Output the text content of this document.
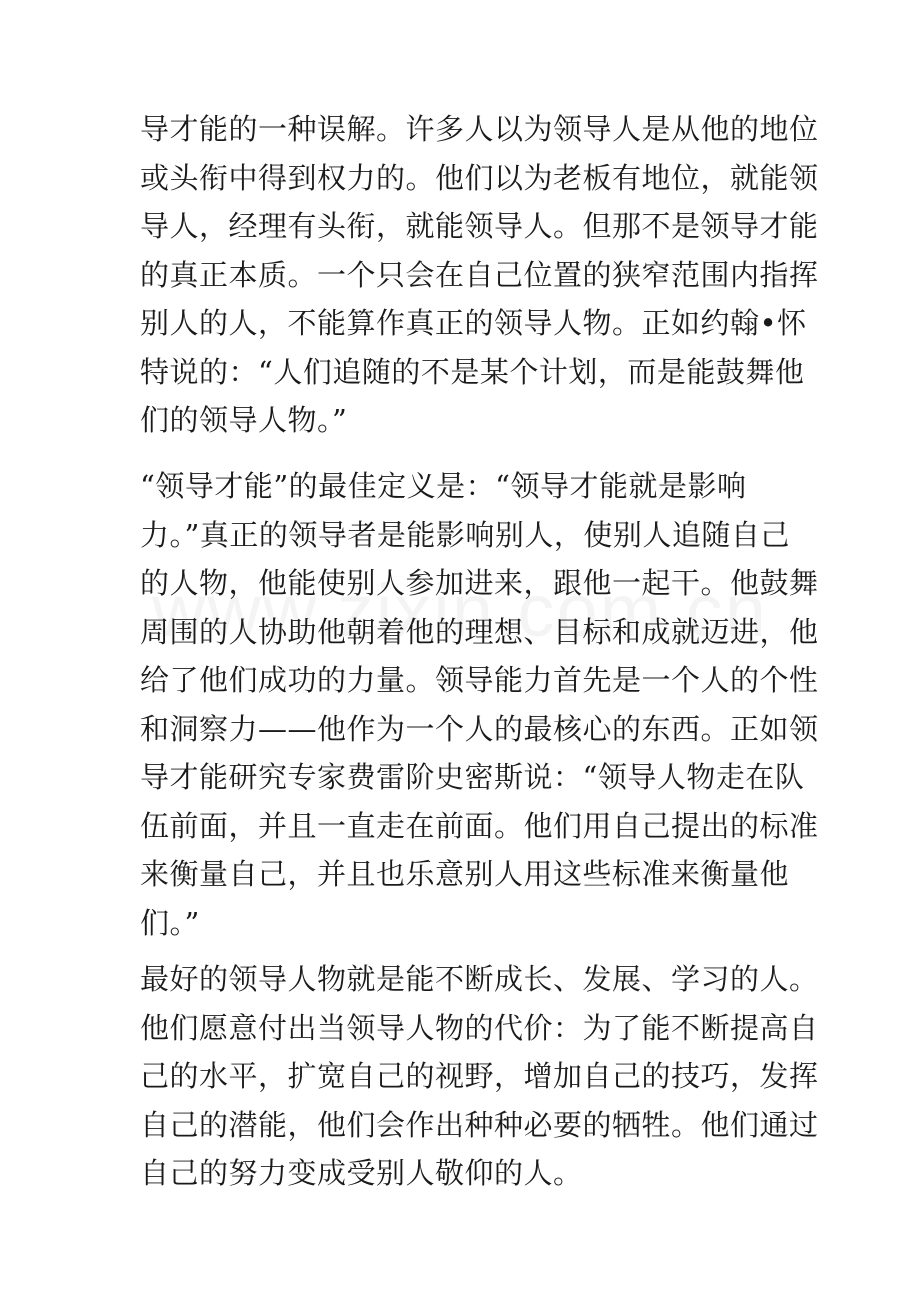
导才能的一种误解。许多人以为领导人是从他的地位
或头衔中得到权力的。他们以为老板有地位，就能领
导人，经理有头衔，就能领导人。但那不是领导才能
的真正本质。一个只会在自己位置的狭窄范围内指挥
别人的人，不能算作真正的领导人物。正如约翰•怀
特说的：“人们追随的不是某个计划，而是能鼓舞他
们的领导人物。”

“领导才能”的最佳定义是：“领导才能就是影响
力。”真正的领导者是能影响别人，使别人追随自己
的人物，他能使别人参加进来，跟他一起干。他鼓舞
周围的人协助他朝着他的理想、目标和成就迈进，他
给了他们成功的力量。领导能力首先是一个人的个性
和洞察力——他作为一个人的最核心的东西。正如领
导才能研究专家费雷阶史密斯说：“领导人物走在队
伍前面，并且一直走在前面。他们用自己提出的标准
来衡量自己，并且也乐意别人用这些标准来衡量他
们。”

最好的领导人物就是能不断成长、发展、学习的人。
他们愿意付出当领导人物的代价：为了能不断提高自
己的水平，扩宽自己的视野，增加自己的技巧，发挥
自己的潜能，他们会作出种种必要的牺牲。他们通过
自己的努力变成受别人敬仰的人。
